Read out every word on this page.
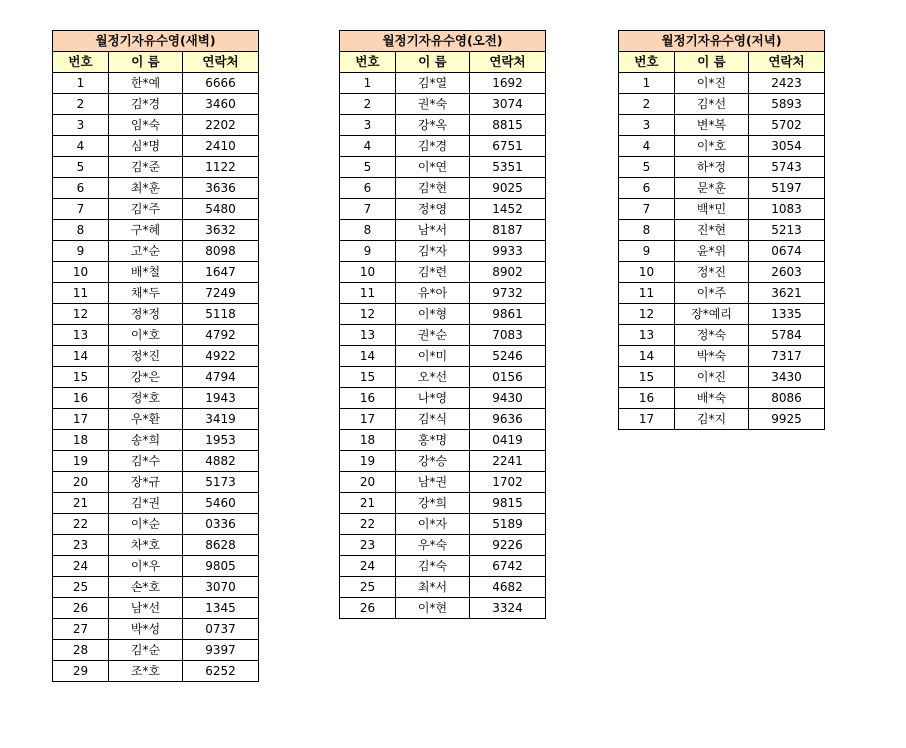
월정기자유수영(새벽)		
번호	이 름	연락처
1	한*예	6666
2	김*경	3460
3	임*숙	2202
4	심*명	2410
5	김*준	1122
6	최*훈	3636
7	김*주	5480
8	구*혜	3632
9	고*순	8098
10	배*철	1647
11	채*두	7249
12	정*정	5118
13	이*호	4792
14	정*진	4922
15	강*은	4794
16	정*호	1943
17	우*환	3419
18	송*희	1953
19	김*수	4882
20	장*규	5173
21	김*권	5460
22	이*순	0336
23	차*호	8628
24	이*우	9805
25	손*호	3070
26	남*선	1345
27	박*성	0737
28	김*순	9397
29	조*호	6252
월정기자유수영(오전)		
번호	이 름	연락처
1	김*열	1692
2	권*숙	3074
3	강*옥	8815
4	김*경	6751
5	이*연	5351
6	김*현	9025
7	정*영	1452
8	남*서	8187
9	김*자	9933
10	김*련	8902
11	유*아	9732
12	이*형	9861
13	권*순	7083
14	이*미	5246
15	오*선	0156
16	나*영	9430
17	김*식	9636
18	홍*명	0419
19	강*승	2241
20	남*권	1702
21	강*희	9815
22	이*자	5189
23	우*숙	9226
24	김*숙	6742
25	최*서	4682
26	이*현	3324
월정기자유수영(저녁)		
번호	이 름	연락처
1	이*진	2423
2	김*선	5893
3	변*복	5702
4	이*호	3054
5	하*정	5743
6	문*훈	5197
7	백*민	1083
8	진*현	5213
9	윤*위	0674
10	정*진	2603
11	이*주	3621
12	장*예리	1335
13	정*숙	5784
14	박*숙	7317
15	이*진	3430
16	배*숙	8086
17	김*지	9925
